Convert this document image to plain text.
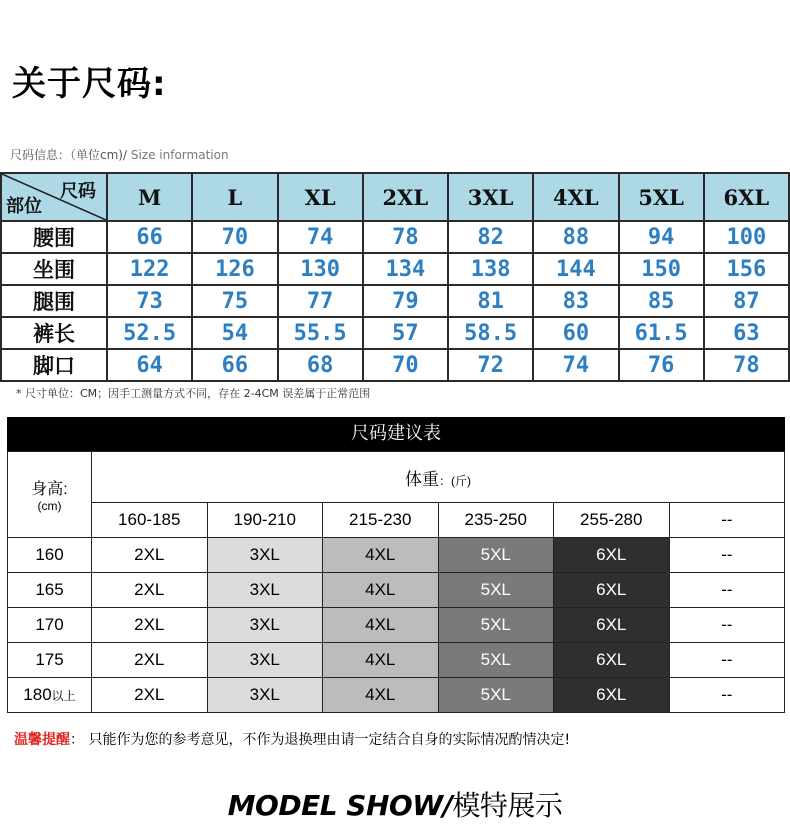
关于尺码:
尺码信息：（单位cm)/ Size information
尺码
部位	M	L	XL	2XL	3XL	4XL	5XL	6XL
腰围	66	70	74	78	82	88	94	100
坐围	122	126	130	134	138	144	150	156
腿围	73	75	77	79	81	83	85	87
裤长	52.5	54	55.5	57	58.5	60	61.5	63
脚口	64	66	68	70	72	74	76	78
* 尺寸单位：CM；因手工测量方式不同，存在 2-4CM 误差属于正常范围
尺码建议表
身高:
(cm)	体重：(斤)					
	160-185	190-210	215-230	235-250	255-280	--
160	2XL	3XL	4XL	5XL	6XL	--
165	2XL	3XL	4XL	5XL	6XL	--
170	2XL	3XL	4XL	5XL	6XL	--
175	2XL	3XL	4XL	5XL	6XL	--
180以上	2XL	3XL	4XL	5XL	6XL	--
温馨提醒： 只能作为您的参考意见，不作为退换理由请一定结合自身的实际情况酌情决定!
MODEL SHOW/模特展示
